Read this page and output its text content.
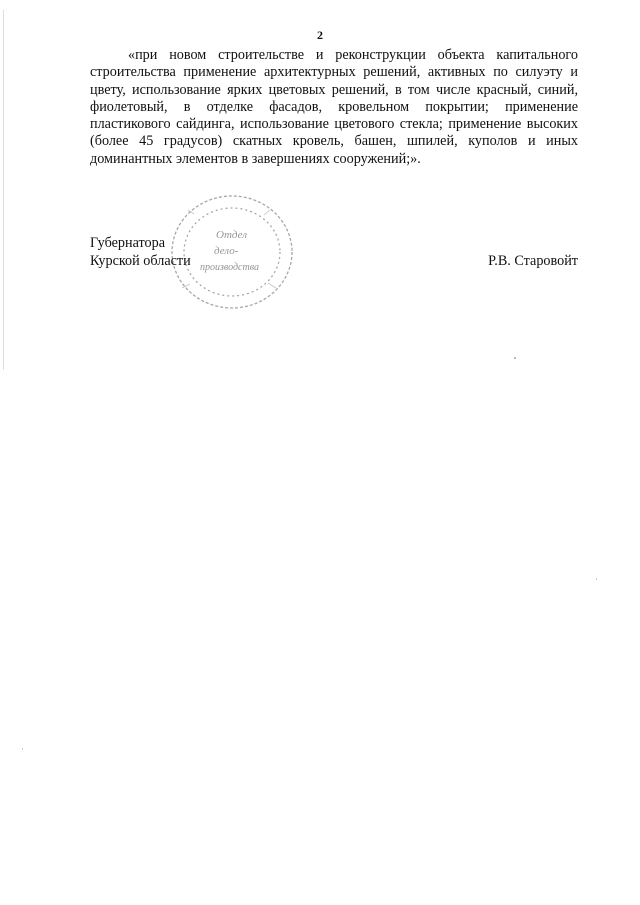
2

«при новом строительстве и реконструкции объекта капитального строительства применение архитектурных решений, активных по силуэту и цвету, использование ярких цветовых решений, в том числе красный, синий, фиолетовый, в отделке фасадов, кровельном покрытии; применение пластикового сайдинга, использование цветового стекла; применение высоких (более 45 градусов) скатных кровель, башен, шпилей, куполов и иных доминантных элементов в завершениях сооружений;».

Отдел
дело-
производства
Губернатора
Курской области	Р.В. Старовойт
